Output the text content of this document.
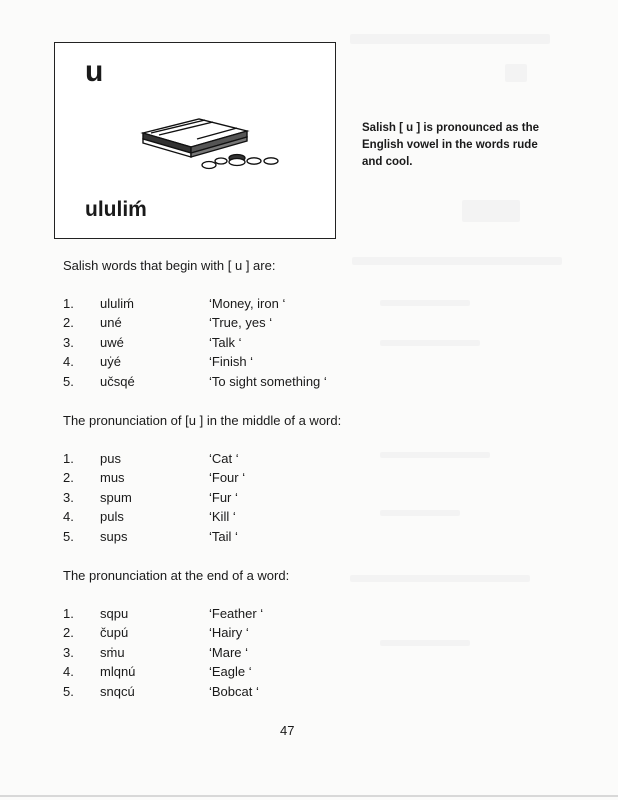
u
ululiḿ
Salish [ u ] is pronounced as the English vowel in the words rude and cool.
Salish words that begin with [ u ] are:
1. ululiḿ	‘Money, iron ‘
2. uné	‘True, yes ‘
3. uwé	‘Talk ‘
4. uẏé	‘Finish ‘
5. učsqé	‘To sight something ‘
The pronunciation of [u ] in the middle of a word:
1. pus	‘Cat ‘
2. mus	‘Four ‘
3. spum	‘Fur ‘
4. puls	‘Kill ‘
5. sups	‘Tail ‘
The pronunciation at the end of a word:
1. sqpu	‘Feather ‘
2. čupú	‘Hairy ‘
3. sṁu	‘Mare ‘
4. mlqnú	‘Eagle ‘
5. snqcú	‘Bobcat ‘
47
